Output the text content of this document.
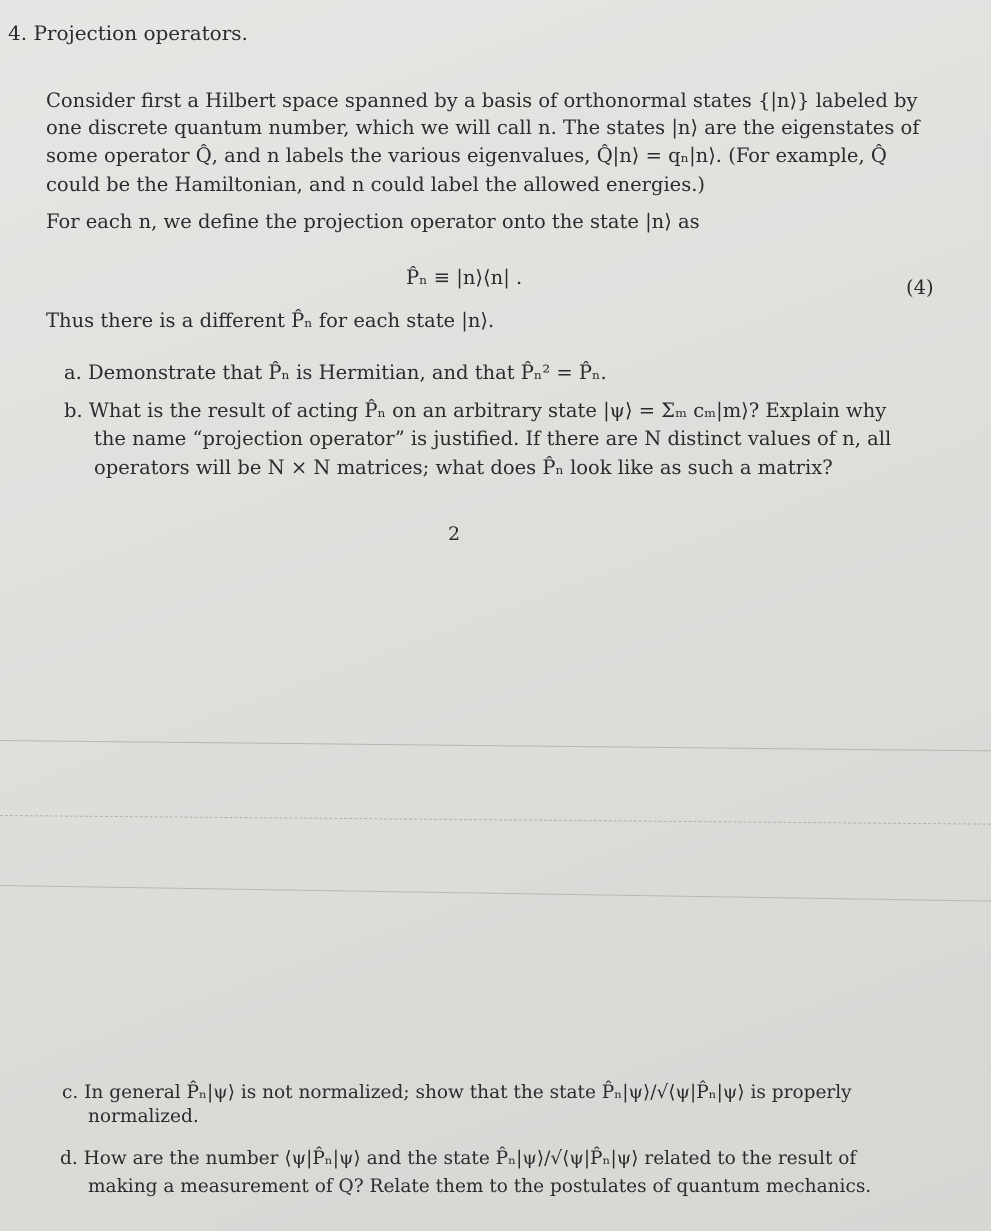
4. Projection operators.
Consider first a Hilbert space spanned by a basis of orthonormal states {|n⟩} labeled by
one discrete quantum number, which we will call n. The states |n⟩ are the eigenstates of
some operator Q̂, and n labels the various eigenvalues, Q̂|n⟩ = qₙ|n⟩. (For example, Q̂
could be the Hamiltonian, and n could label the allowed energies.)
For each n, we define the projection operator onto the state |n⟩ as
P̂ₙ ≡ |n⟩⟨n| .	(4)
Thus there is a different P̂ₙ for each state |n⟩.
a. Demonstrate that P̂ₙ is Hermitian, and that P̂ₙ² = P̂ₙ.
b. What is the result of acting P̂ₙ on an arbitrary state |ψ⟩ = Σₘ cₘ|m⟩? Explain why
the name “projection operator” is justified. If there are N distinct values of n, all
operators will be N × N matrices; what does P̂ₙ look like as such a matrix?
2
c. In general P̂ₙ|ψ⟩ is not normalized; show that the state P̂ₙ|ψ⟩/√⟨ψ|P̂ₙ|ψ⟩ is properly
normalized.
d. How are the number ⟨ψ|P̂ₙ|ψ⟩ and the state P̂ₙ|ψ⟩/√⟨ψ|P̂ₙ|ψ⟩ related to the result of
making a measurement of Q? Relate them to the postulates of quantum mechanics.
